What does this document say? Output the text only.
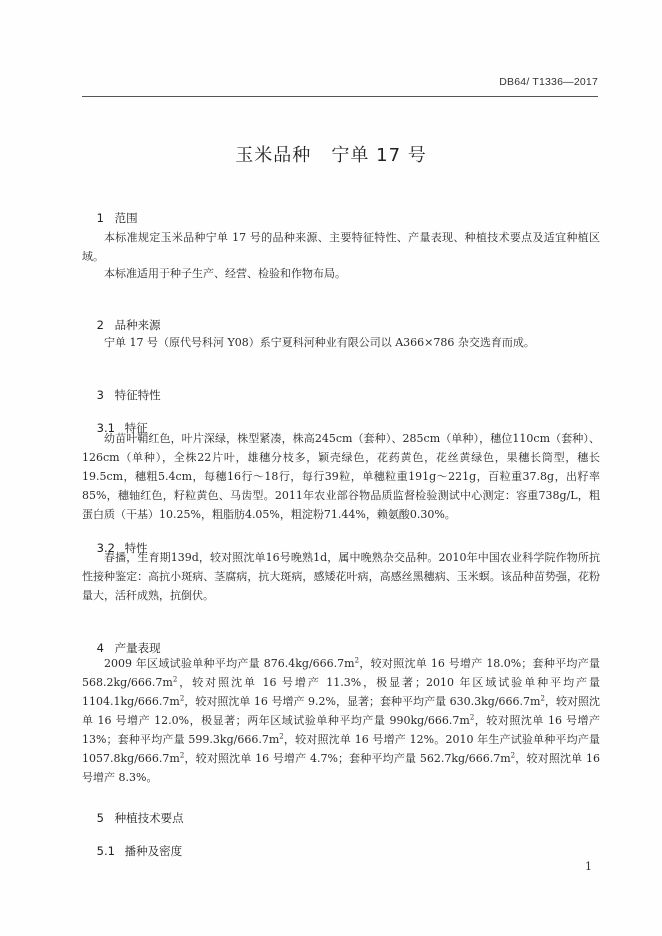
DB64/ T1336—2017
玉米品种   宁单 17 号

1 范围

本标准规定玉米品种宁单 17 号的品种来源、主要特征特性、产量表现、种植技术要点及适宜种植区域。
本标准适用于种子生产、经营、检验和作物布局。

2 品种来源

宁单 17 号（原代号科河 Y08）系宁夏科河种业有限公司以 A366×786 杂交选育而成。

3 特征特性

3.1 特征

幼苗叶鞘红色，叶片深绿，株型紧凑，株高245cm（套种）、285cm（单种），穗位110cm（套种）、126cm（单种），全株22片叶，雄穗分枝多，颖壳绿色，花药黄色，花丝黄绿色，果穗长筒型，穗长19.5cm，穗粗5.4cm，每穗16行～18行，每行39粒，单穗粒重191g～221g，百粒重37.8g，出籽率85%，穗轴红色，籽粒黄色、马齿型。2011年农业部谷物品质监督检验测试中心测定：容重738g/L，粗蛋白质（干基）10.25%，粗脂肪4.05%，粗淀粉71.44%，赖氨酸0.30%。

3.2 特性

春播，生育期139d，较对照沈单16号晚熟1d，属中晚熟杂交品种。2010年中国农业科学院作物所抗性接种鉴定：高抗小斑病、茎腐病，抗大斑病，感矮花叶病，高感丝黑穗病、玉米螟。该品种苗势强，花粉量大，活秆成熟，抗倒伏。

4 产量表现

2009 年区域试验单种平均产量 $876.4kg/666.7m^2$，较对照沈单 16 号增产 18.0%；套种平均产量 $568.2kg/666.7m^2$，较对照沈单 16 号增产 11.3%，极显著；2010 年区域试验单种平均产量 $1104.1kg/666.7m^2$，较对照沈单 16 号增产 9.2%，显著；套种平均产量 $630.3kg/666.7m^2$，较对照沈单 16 号增产 12.0%，极显著；两年区域试验单种平均产量 $990kg/666.7m^2$，较对照沈单 16 号增产 13%；套种平均产量 $599.3kg/666.7m^2$，较对照沈单 16 号增产 12%。2010 年生产试验单种平均产量 $1057.8kg/666.7m^2$，较对照沈单 16 号增产 4.7%；套种平均产量 $562.7kg/666.7m^2$，较对照沈单 16 号增产 8.3%。

5 种植技术要点

5.1 播种及密度

1
